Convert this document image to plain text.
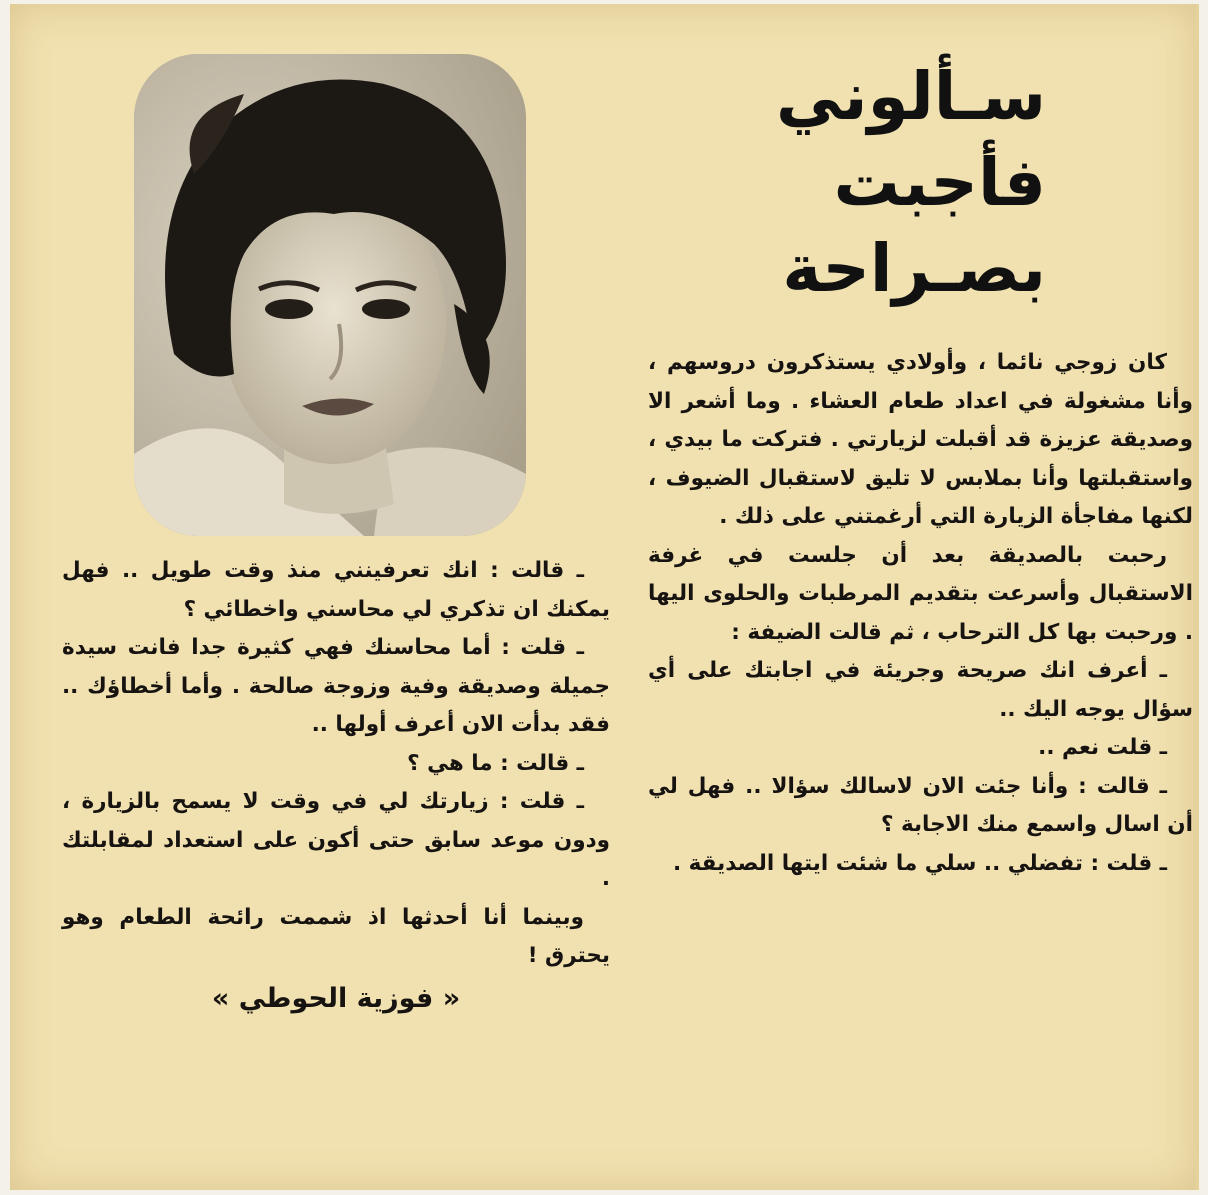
سـألوني
فأجبت
بصـراحة

كان زوجي نائما ، وأولادي يستذكرون دروسهم ، وأنا مشغولة في اعداد طعام العشاء . وما أشعر الا وصديقة عزيزة قد أقبلت لزيارتي . فتركت ما بيدي ، واستقبلتها وأنا بملابس لا تليق لاستقبال الضيوف ، لكنها مفاجأة الزيارة التي أرغمتني على ذلك .

رحبت بالصديقة بعد أن جلست في غرفة الاستقبال وأسرعت بتقديم المرطبات والحلوى اليها . ورحبت بها كل الترحاب ، ثم قالت الضيفة :

ـ أعرف انك صريحة وجريئة في اجابتك على أي سؤال يوجه اليك ..

ـ قلت نعم ..

ـ قالت : وأنا جئت الان لاسالك سؤالا .. فهل لي أن اسال واسمع منك الاجابة ؟

ـ قلت : تفضلي .. سلي ما شئت ايتها الصديقة .

ـ قالت : انك تعرفينني منذ وقت طويل .. فهل يمكنك ان تذكري لي محاسني واخطائي ؟

ـ قلت : أما محاسنك فهي كثيرة جدا فانت سيدة جميلة وصديقة وفية وزوجة صالحة . وأما أخطاؤك .. فقد بدأت الان أعرف أولها ..

ـ قالت : ما هي ؟

ـ قلت : زيارتك لي في وقت لا يسمح بالزيارة ، ودون موعد سابق حتى أكون على استعداد لمقابلتك .

وبينما أنا أحدثها اذ شممت رائحة الطعام وهو يحترق !

« فوزية الحوطي »
